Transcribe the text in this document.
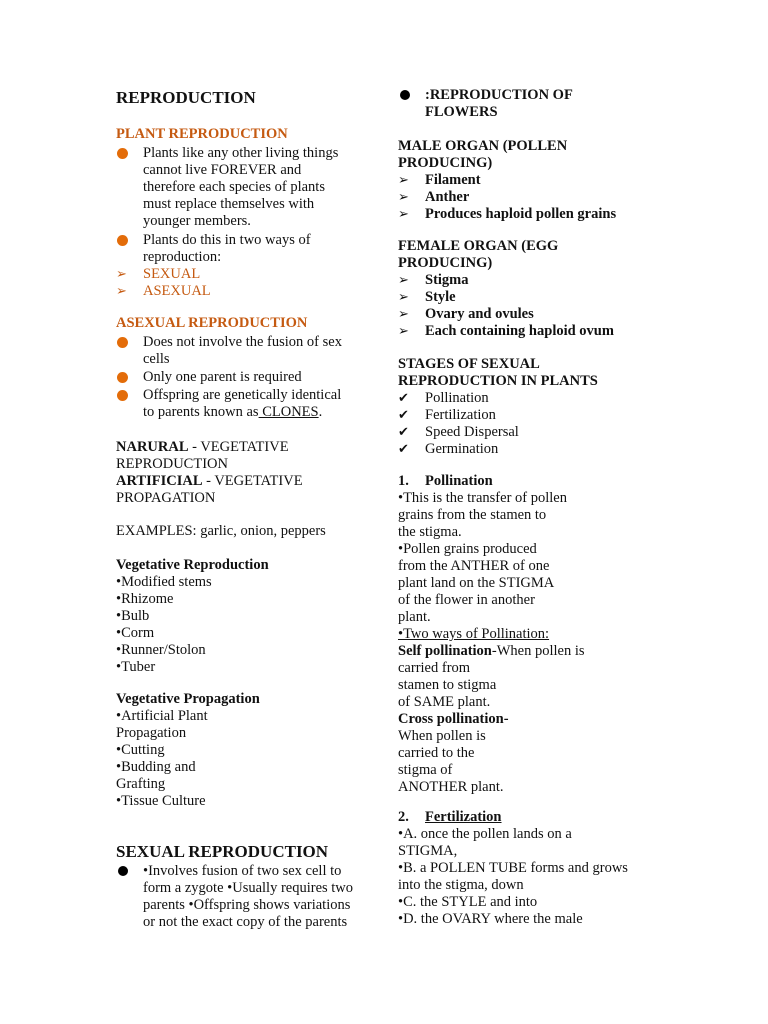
REPRODUCTION
PLANT REPRODUCTION
Plants like any other living things
cannot live FOREVER and
therefore each species of plants
must replace themselves with
younger members.
Plants do this in two ways of
reproduction:
➢ SEXUAL
➢ ASEXUAL
ASEXUAL REPRODUCTION
Does not involve the fusion of sex
cells
Only one parent is required
Offspring are genetically identical
to parents known as CLONES.
NARURAL - VEGETATIVE
REPRODUCTION
ARTIFICIAL - VEGETATIVE
PROPAGATION
EXAMPLES: garlic, onion, peppers
Vegetative Reproduction
•Modified stems
•Rhizome
•Bulb
•Corm
•Runner/Stolon
•Tuber
Vegetative Propagation
•Artificial Plant
Propagation
•Cutting
•Budding and
Grafting
•Tissue Culture
SEXUAL REPRODUCTION
•Involves fusion of two sex cell to
form a zygote •Usually requires two
parents •Offspring shows variations
or not the exact copy of the parents
:REPRODUCTION OF
FLOWERS
MALE ORGAN (POLLEN
PRODUCING)
➢ Filament
➢ Anther
➢ Produces haploid pollen grains
FEMALE ORGAN (EGG
PRODUCING)
➢ Stigma
➢ Style
➢ Ovary and ovules
➢ Each containing haploid ovum
STAGES OF SEXUAL
REPRODUCTION IN PLANTS
✔ Pollination
✔ Fertilization
✔ Speed Dispersal
✔ Germination
1. Pollination
•This is the transfer of pollen
grains from the stamen to
the stigma.
•Pollen grains produced
from the ANTHER of one
plant land on the STIGMA
of the flower in another
plant.
•Two ways of Pollination:
Self pollination-When pollen is
carried from
stamen to stigma
of SAME plant.
Cross pollination-
When pollen is
carried to the
stigma of
ANOTHER plant.
2. Fertilization
•A. once the pollen lands on a
STIGMA,
•B. a POLLEN TUBE forms and grows
into the stigma, down
•C. the STYLE and into
•D. the OVARY where the male
